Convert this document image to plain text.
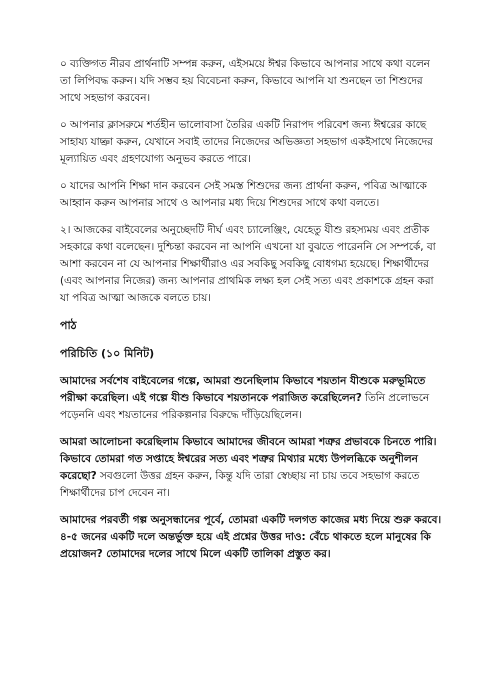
০ ব্যক্তিগত নীরব প্রার্থনাটি সম্পন্ন করুন, এইসময়ে ঈশ্বর কিভাবে আপনার সাথে কথা বলেন তা লিপিবদ্ধ করুন। যদি সম্ভব হয় বিবেচনা করুন, কিভাবে আপনি যা শুনছেন তা শিশুদের সাথে সহভাগ করবেন।

০ আপনার ক্লাসরুমে শর্তহীন ভালোবাসা তৈরির একটি নিরাপদ পরিবেশ জন্য ঈশ্বরের কাছে সাহায্য যাচ্ঞা করুন, যেখানে সবাই তাদের নিজেদের অভিজ্ঞতা সহভাগ একইসাথে নিজেদের মূল্যায়িত এবং গ্রহণযোগ্য অনুভব করতে পারে।

০ যাদের আপনি শিক্ষা দান করবেন সেই সমস্ত শিশুদের জন্য প্রার্থনা করুন, পবিত্র আত্মাকে আহ্বান করুন আপনার সাথে ও আপনার মধ্য দিয়ে শিশুদের সাথে কথা বলতে।

২। আজকের বাইবেলের অনুচ্ছেদটি দীর্ঘ এবং চ্যালেঞ্জিং, যেহেতু যীশু রহস্যময় এবং প্রতীক সহকারে কথা বলেছেন। দুশ্চিন্তা করবেন না আপনি এখনো যা বুঝতে পারেননি সে সম্পর্কে, বা আশা করবেন না যে আপনার শিক্ষার্থীরাও এর সবকিছু সবকিছু বোধগম্য হয়েছে। শিক্ষার্থীদের (এবং আপনার নিজের) জন্য আপনার প্রাথমিক লক্ষ্য হল সেই সত্য এবং প্রকাশকে গ্রহন করা যা পবিত্র আত্মা আজকে বলতে চায়।

পাঠ

পরিচিতি (১০ মিনিট)

আমাদের সর্বশেষ বাইবেলের গল্পে, আমরা শুনেছিলাম কিভাবে শয়তান যীশুকে মরুভূমিতে পরীক্ষা করেছিল। এই গল্পে যীশু কিভাবে শয়তানকে পরাজিত করেছিলেন? তিনি প্রলোভনে পড়েননি এবং শয়তানের পরিকল্পনার বিরুদ্ধে দাঁড়িয়েছিলেন।

আমরা আলোচনা করেছিলাম কিভাবে আমাদের জীবনে আমরা শত্রুর প্রভাবকে চিনতে পারি। কিভাবে তোমরা গত সপ্তাহে ঈশ্বরের সত্য এবং শত্রুর মিথ্যার মধ্যে উপলব্ধিকে অনুশীলন করেছো? সবগুলো উত্তর গ্রহন করুন, কিন্তু যদি তারা স্বেচ্ছায় না চায় তবে সহভাগ করতে শিক্ষার্থীদের চাপ দেবেন না।

আমাদের পরবর্তী গল্প অনুসন্ধানের পূর্বে, তোমরা একটি দলগত কাজের মধ্য দিয়ে শুরু করবে। ৪-৫ জনের একটি দলে অন্তর্ভুক্ত হয়ে এই প্রশ্নের উত্তর দাও: বেঁচে থাকতে হলে মানুষের কি প্রয়োজন? তোমাদের দলের সাথে মিলে একটি তালিকা প্রস্তুত কর।
